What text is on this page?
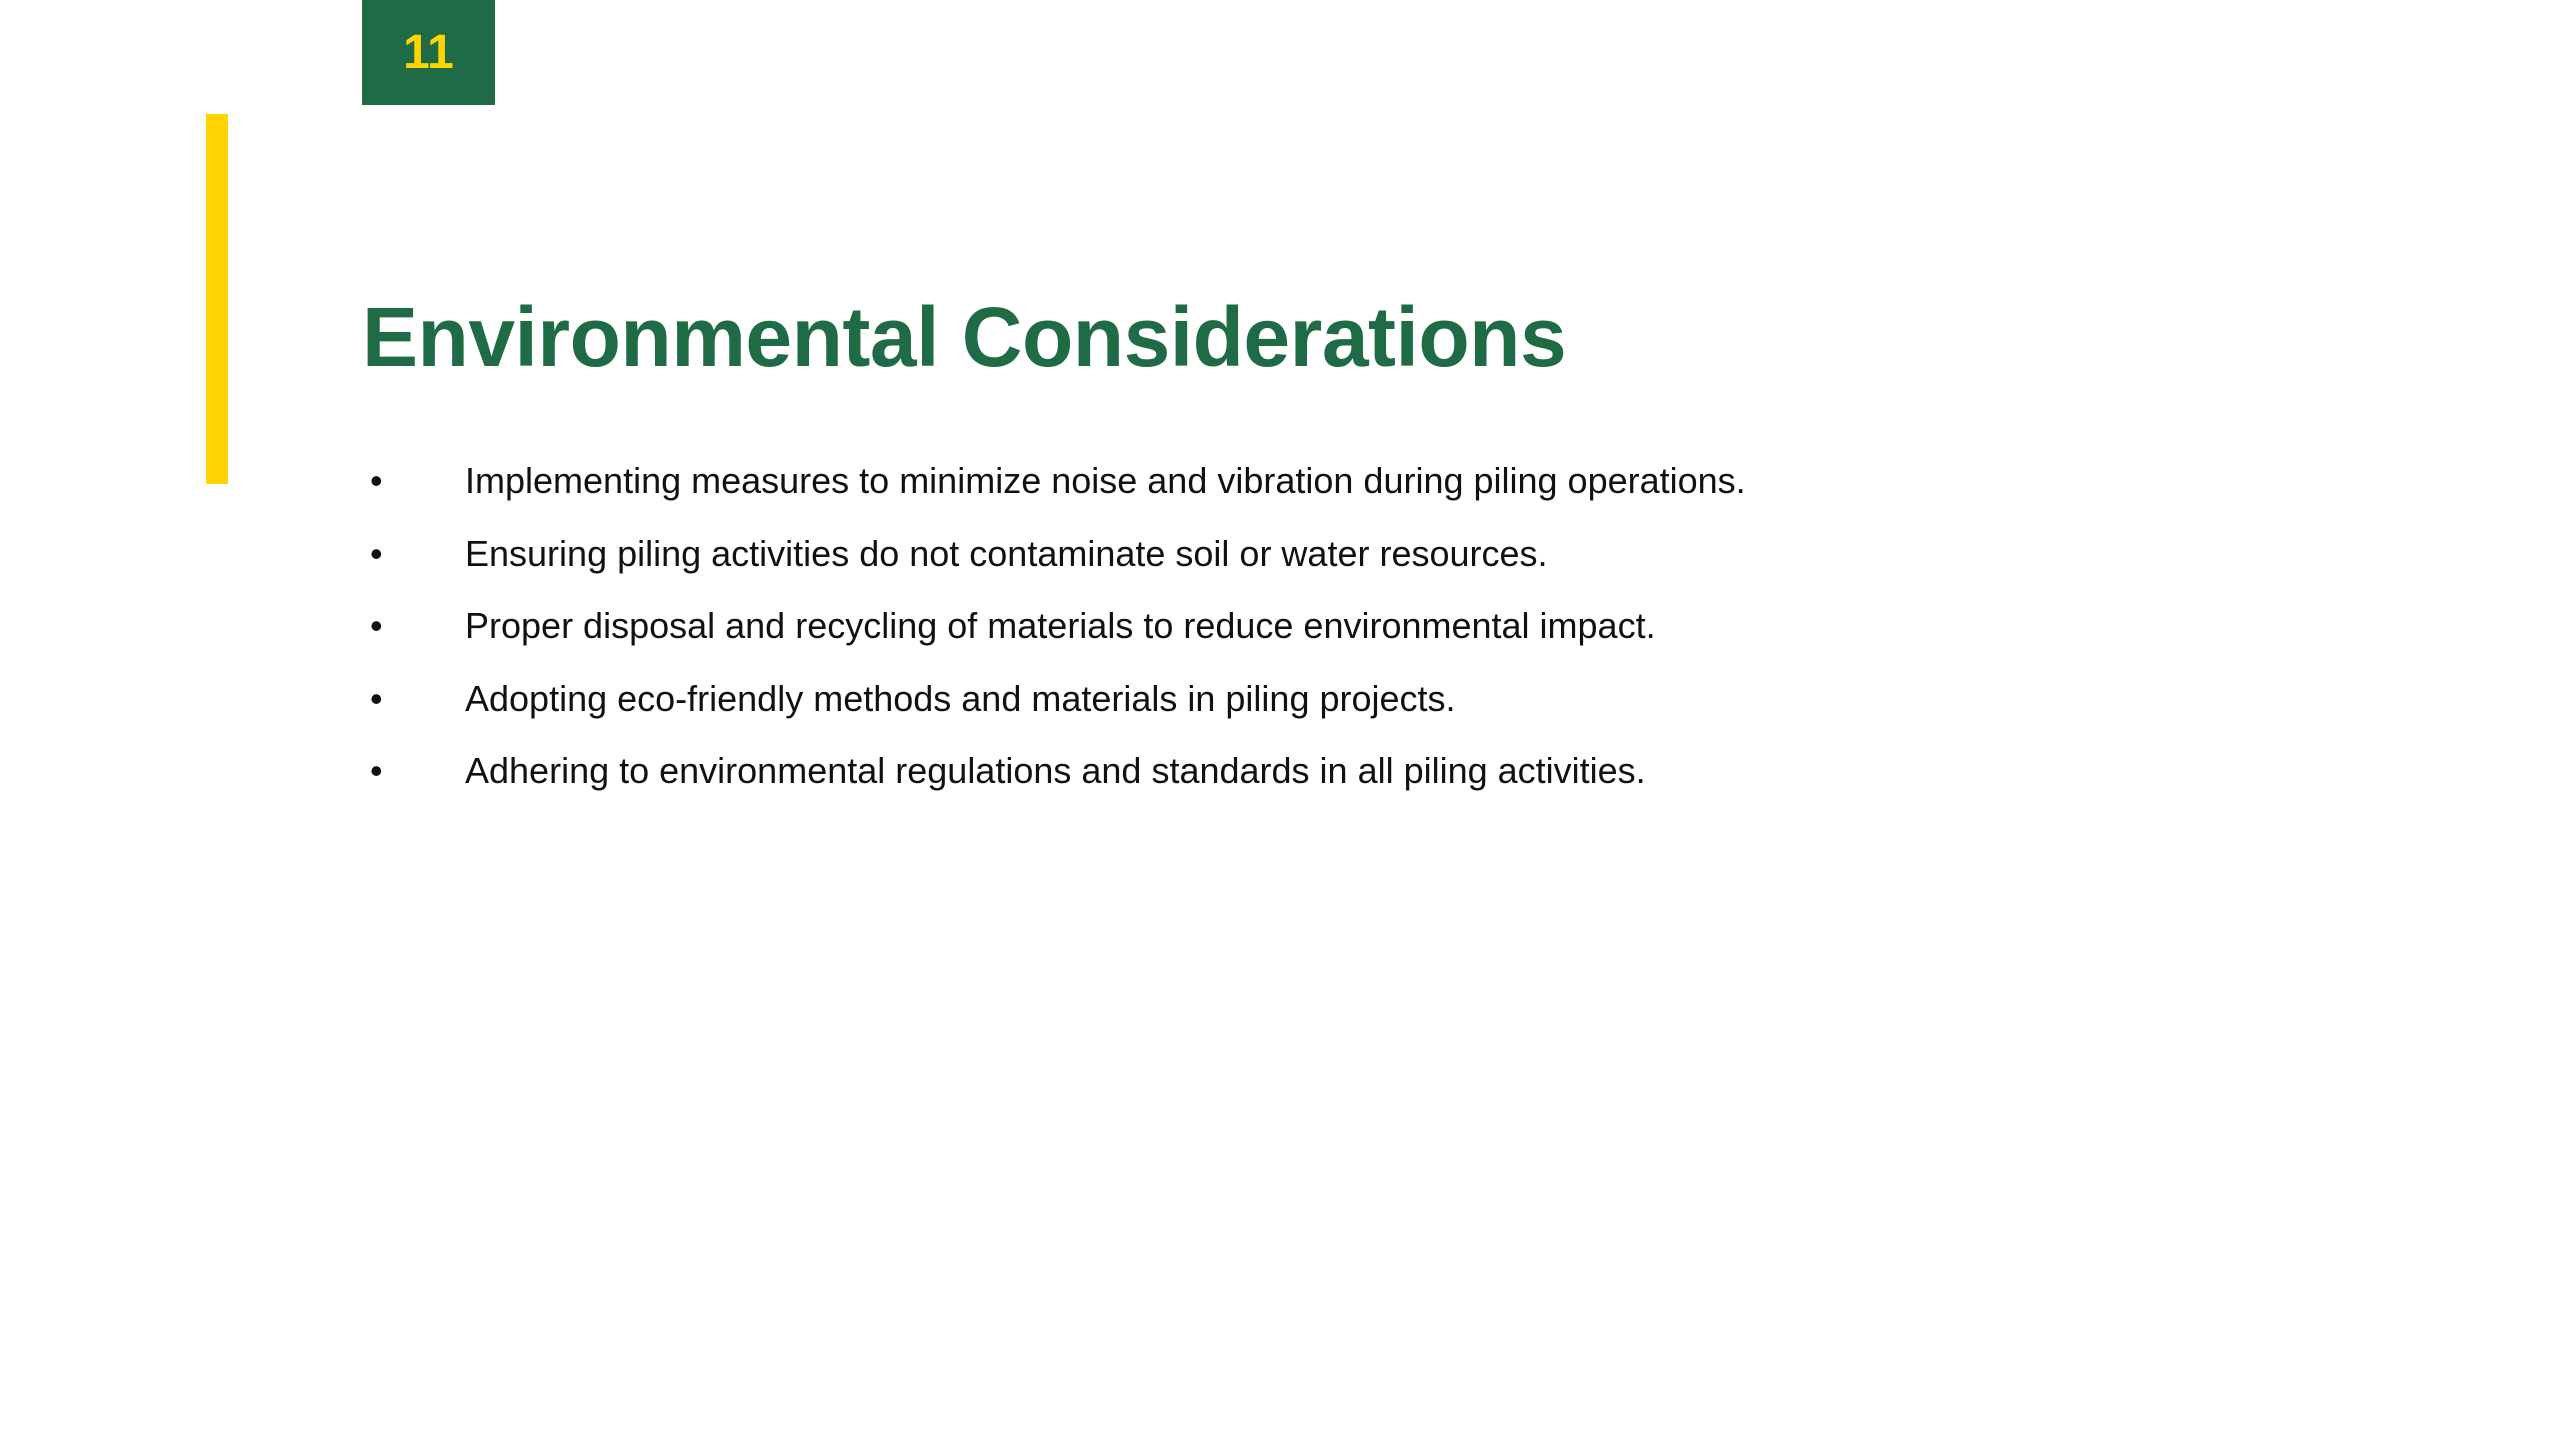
11
Environmental Considerations
•	Implementing measures to minimize noise and vibration during piling operations.
•	Ensuring piling activities do not contaminate soil or water resources.
•	Proper disposal and recycling of materials to reduce environmental impact.
•	Adopting eco-friendly methods and materials in piling projects.
•	Adhering to environmental regulations and standards in all piling activities.
